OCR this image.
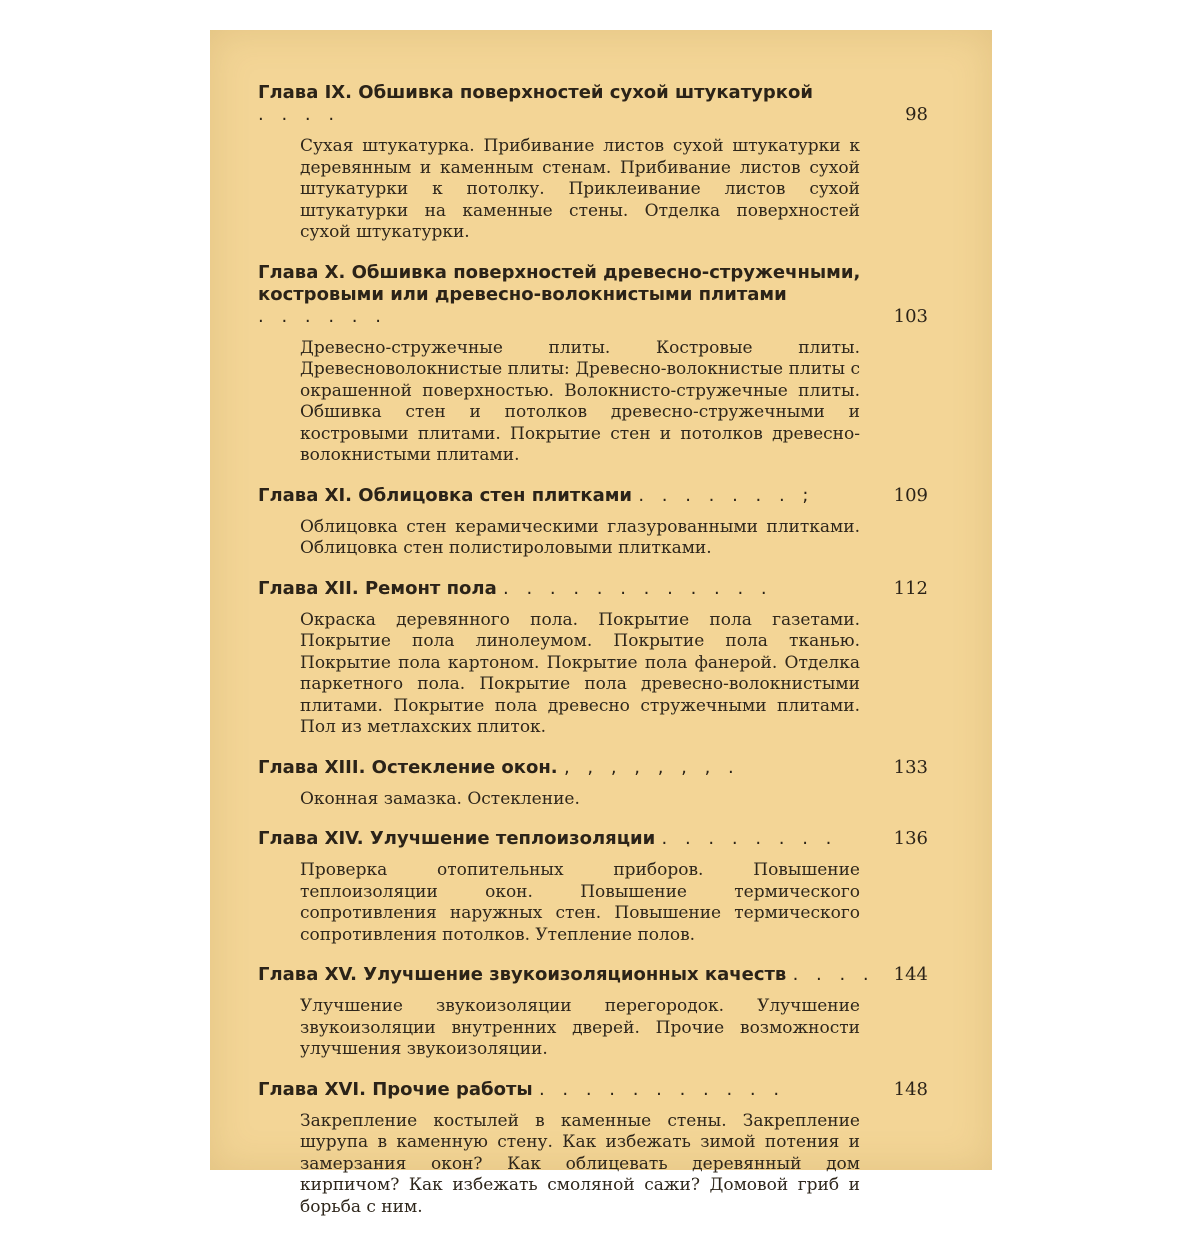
Глава IX. Обшивка поверхностей сухой штукатуркой . . . .	98
Сухая штукатурка. Прибивание листов сухой штукатурки к деревянным и каменным стенам. Прибивание листов сухой штукатурки к потолку. Приклеивание листов сухой штукатурки на каменные стены. Отделка поверхностей сухой штукатурки.
Глава X. Обшивка поверхностей древесно-стружечными, костровыми или древесно-волокнистыми плитами . . . . . .	103
Древесно-стружечные плиты. Костровые плиты. Древесноволокнистые плиты: Древесно-волокнистые плиты с окрашенной поверхностью. Волокнисто-стружечные плиты. Обшивка стен и потолков древесно-стружечными и костровыми плитами. Покрытие стен и потолков древесно-волокнистыми плитами.
Глава XI. Облицовка стен плитками . . . . . . . ;	109
Облицовка стен керамическими глазурованными плитками. Облицовка стен полистироловыми плитками.
Глава XII. Ремонт пола . . . . . . . . . . . .	112
Окраска деревянного пола. Покрытие пола газетами. Покрытие пола линолеумом. Покрытие пола тканью. Покрытие пола картоном. Покрытие пола фанерой. Отделка паркетного пола. Покрытие пола древесно-волокнистыми плитами. Покрытие пола древесно стружечными плитами. Пол из метлахских плиток.
Глава XIII. Остекление окон. , , , , , , , .	133
Оконная замазка. Остекление.
Глава XIV. Улучшение теплоизоляции . . . . . . . .	136
Проверка отопительных приборов. Повышение теплоизоляции окон. Повышение термического сопротивления наружных стен. Повышение термического сопротивления потолков. Утепление полов.
Глава XV. Улучшение звукоизоляционных качеств . . . .	144
Улучшение звукоизоляции перегородок. Улучшение звукоизоляции внутренних дверей. Прочие возможности улучшения звукоизоляции.
Глава XVI. Прочие работы . . . . . . . . . . .	148
Закрепление костылей в каменные стены. Закрепление шурупа в каменную стену. Как избежать зимой потения и замерзания окон? Как облицевать деревянный дом кирпичом? Как избежать смоляной сажи? Домовой гриб и борьба с ним.
